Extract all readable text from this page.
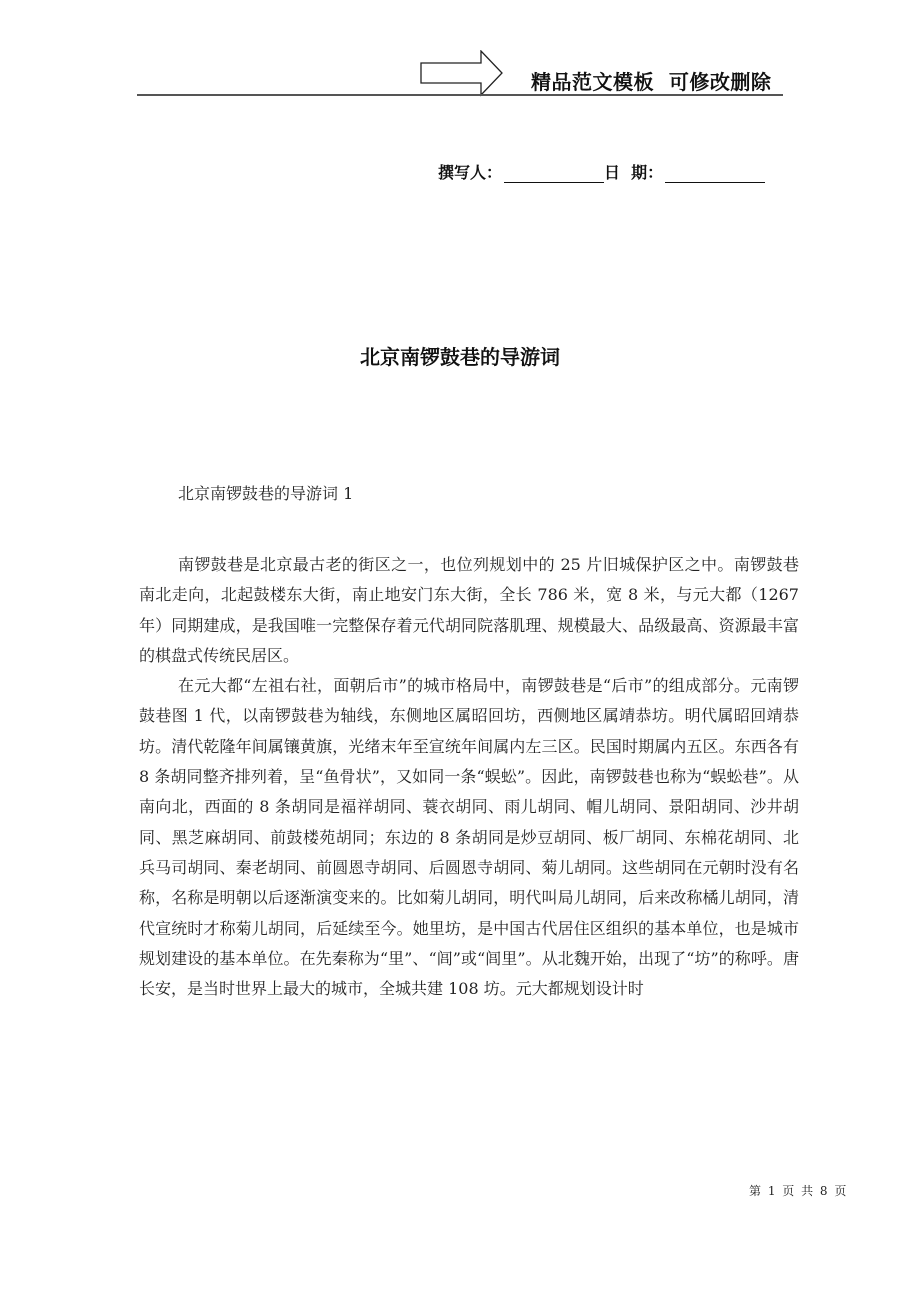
精品范文模板  可修改删除
撰写人：	日  期：
北京南锣鼓巷的导游词
北京南锣鼓巷的导游词 1

南锣鼓巷是北京最古老的街区之一，也位列规划中的 25 片旧城保护区之中。南锣鼓巷南北走向，北起鼓楼东大街，南止地安门东大街，全长 786 米，宽 8 米，与元大都（1267 年）同期建成，是我国唯一完整保存着元代胡同院落肌理、规模最大、品级最高、资源最丰富的棋盘式传统民居区。

在元大都“左祖右社，面朝后市”的城市格局中，南锣鼓巷是“后市”的组成部分。元南锣鼓巷图 1 代，以南锣鼓巷为轴线，东侧地区属昭回坊，西侧地区属靖恭坊。明代属昭回靖恭坊。清代乾隆年间属镶黄旗，光绪末年至宣统年间属内左三区。民国时期属内五区。东西各有 8 条胡同整齐排列着，呈“鱼骨状”，又如同一条“蜈蚣”。因此，南锣鼓巷也称为“蜈蚣巷”。从南向北，西面的 8 条胡同是福祥胡同、蓑衣胡同、雨儿胡同、帽儿胡同、景阳胡同、沙井胡同、黑芝麻胡同、前鼓楼苑胡同；东边的 8 条胡同是炒豆胡同、板厂胡同、东棉花胡同、北兵马司胡同、秦老胡同、前圆恩寺胡同、后圆恩寺胡同、菊儿胡同。这些胡同在元朝时没有名称，名称是明朝以后逐渐演变来的。比如菊儿胡同，明代叫局儿胡同，后来改称橘儿胡同，清代宣统时才称菊儿胡同，后延续至今。她里坊，是中国古代居住区组织的基本单位，也是城市规划建设的基本单位。在先秦称为“里”、“闾”或“闾里”。从北魏开始，出现了“坊”的称呼。唐长安，是当时世界上最大的城市，全城共建 108 坊。元大都规划设计时

第 1 页 共 8 页
